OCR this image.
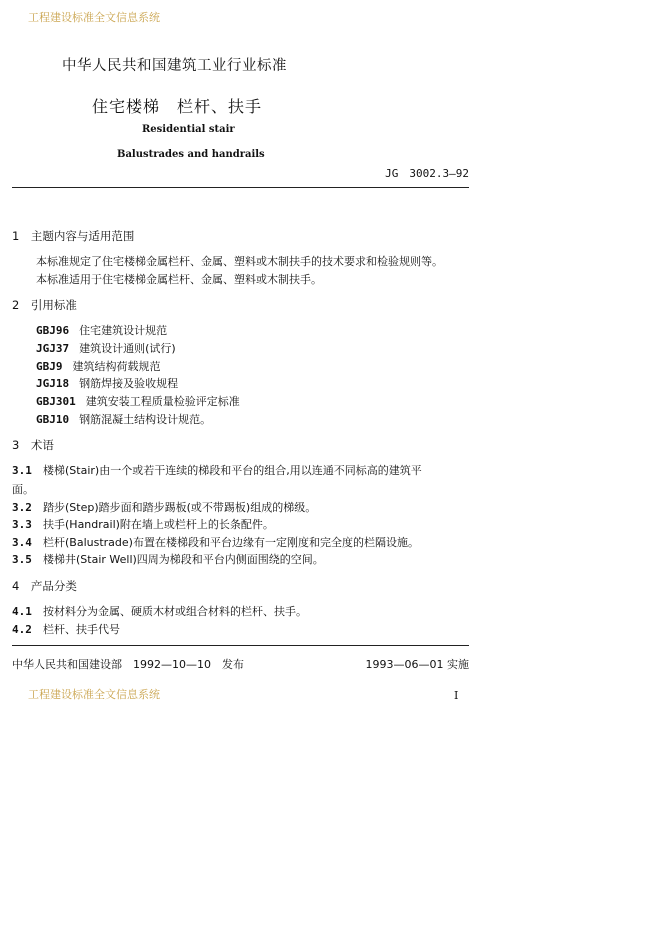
工程建设标准全文信息系统
中华人民共和国建筑工业行业标准
住宅楼梯　栏杆、扶手
Residential stair
Balustrades and handrails
JG　3002.3—92
1　主题内容与适用范围
本标准规定了住宅楼梯金属栏杆、金属、塑料或木制扶手的技术要求和检验规则等。
本标准适用于住宅楼梯金属栏杆、金属、塑料或木制扶手。
2　引用标准
GBJ96 住宅建筑设计规范
JGJ37 建筑设计通则(试行)
GBJ9 建筑结构荷载规范
JGJ18 钢筋焊接及验收规程
GBJ301 建筑安装工程质量检验评定标准
GBJ10 钢筋混凝土结构设计规范。
3　术语
3.1　 楼梯(Stair)由一个或若干连续的梯段和平台的组合,用以连通不同标高的建筑平
面。
3.2　 踏步(Step)踏步面和踏步踢板(或不带踢板)组成的梯级。
3.3　 扶手(Handrail)附在墙上或栏杆上的长条配件。
3.4　 栏杆(Balustrade)布置在楼梯段和平台边缘有一定刚度和完全度的栏隔设施。
3.5　 楼梯井(Stair Well)四周为梯段和平台内侧面围绕的空间。
4　产品分类
4.1　 按材料分为金属、硬质木材或组合材料的栏杆、扶手。
4.2　 栏杆、扶手代号
中华人民共和国建设部　1992—10—10　发布	1993—06—01 实施
工程建设标准全文信息系统	I
